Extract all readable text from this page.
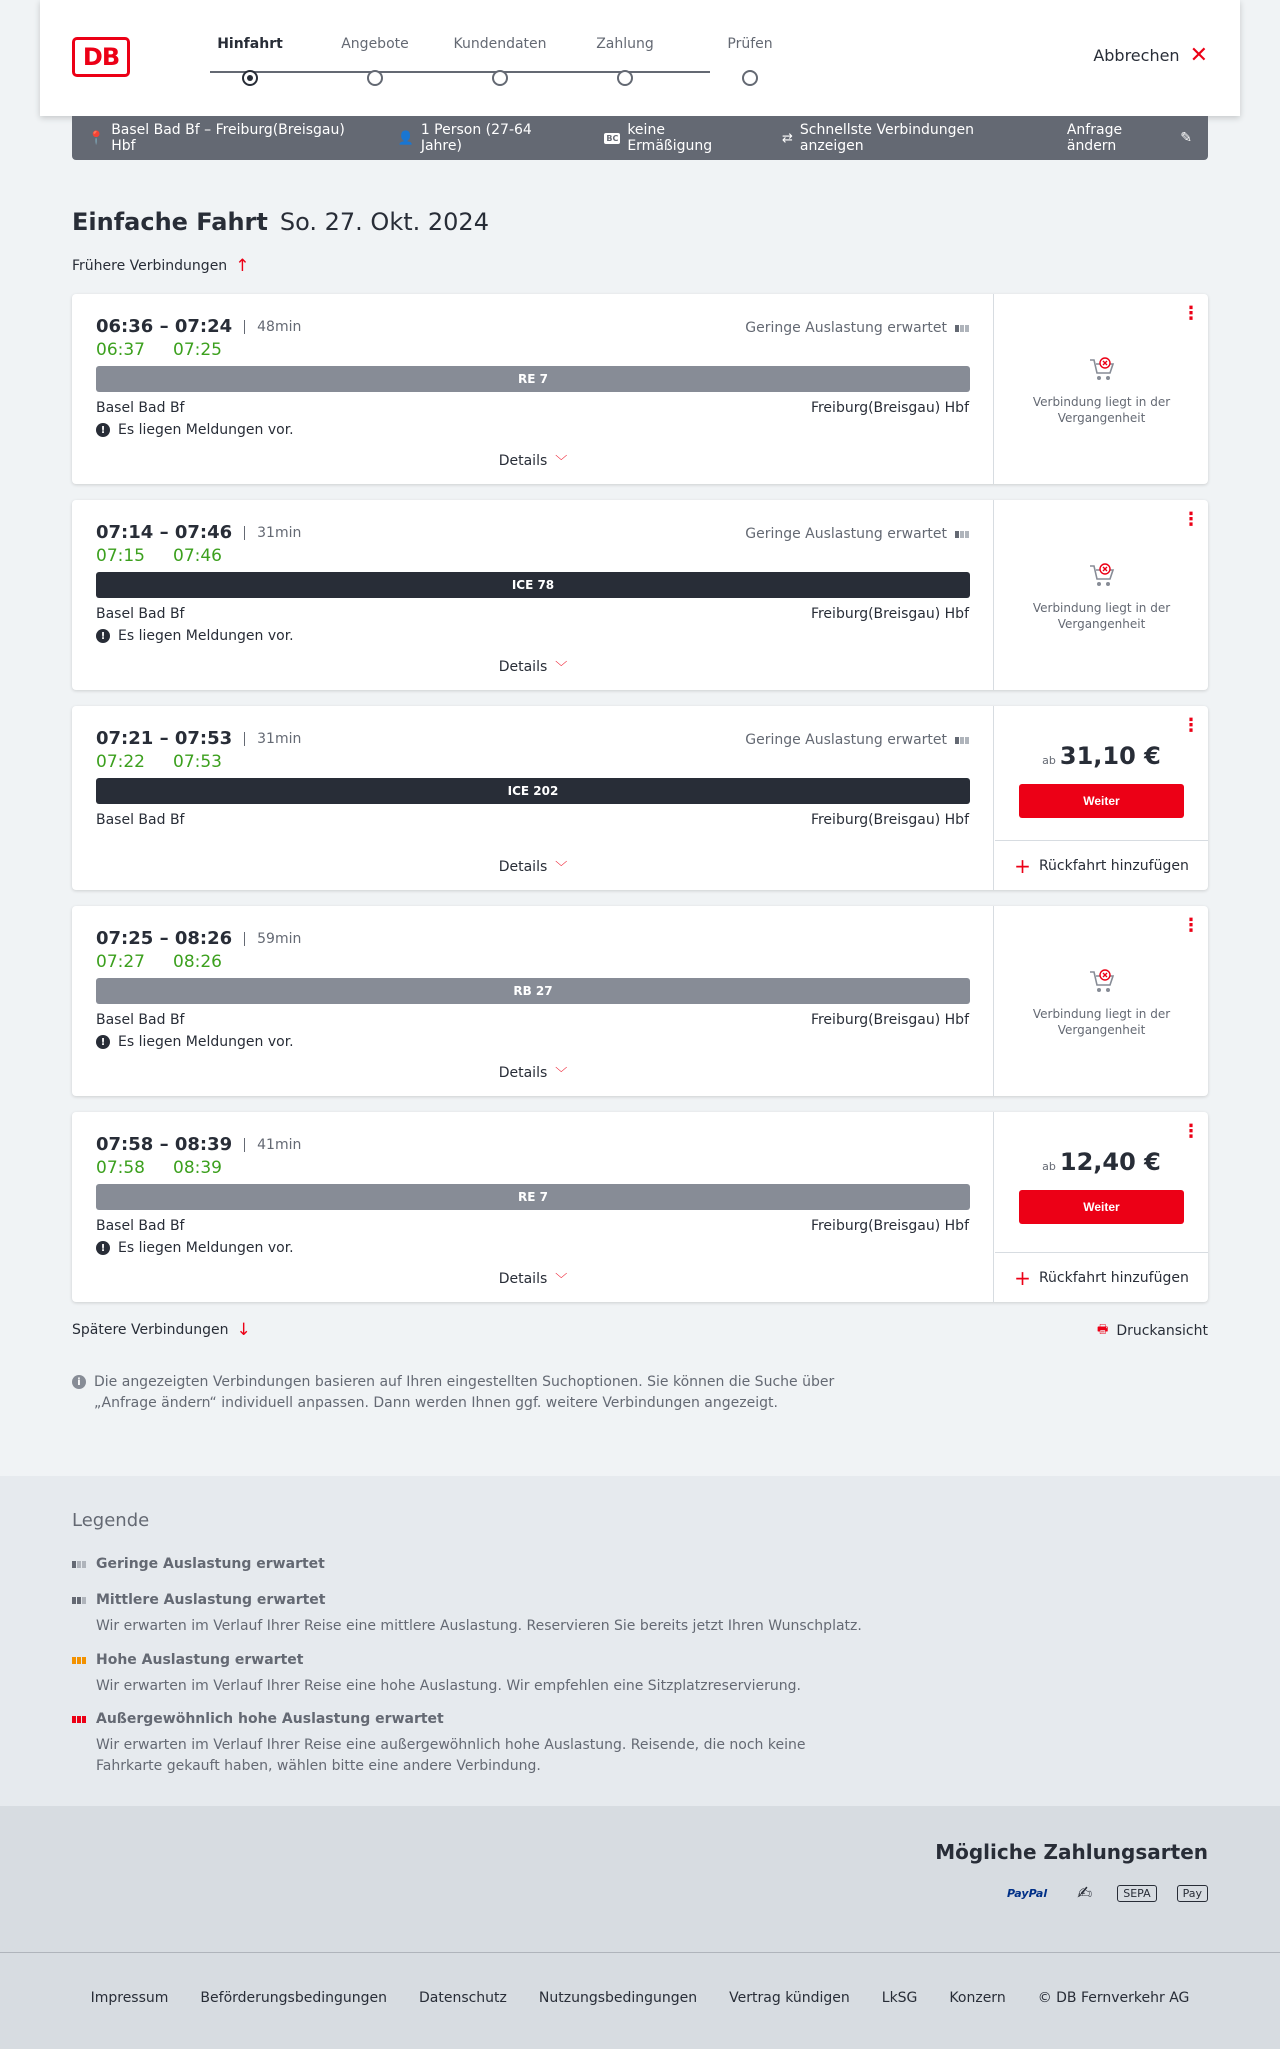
DB	Hinfahrt	Angebote	Kundendaten	Zahlung	Prüfen
Abbrechen ✕
📍 Basel Bad Bf – Freiburg(Breisgau) Hbf	👤 1 Person (27-64 Jahre)	BC keine Ermäßigung	⇄ Schnellste Verbindungen anzeigen
Anfrage ändern	✎
Einfache Fahrt So. 27. Okt. 2024
Frühere Verbindungen ↑
06:36 – 07:24	48min
06:37 07:25
Geringe Auslastung erwartet
RE 7
Basel Bad Bf	Freiburg(Breisgau) Hbf
! Es liegen Meldungen vor.
Details ﹀
⋮
Verbindung liegt in der Vergangenheit
07:14 – 07:46	31min
07:15 07:46
Geringe Auslastung erwartet
ICE 78
Basel Bad Bf	Freiburg(Breisgau) Hbf
! Es liegen Meldungen vor.
Details ﹀
⋮
Verbindung liegt in der Vergangenheit
07:21 – 07:53	31min
07:22 07:53
Geringe Auslastung erwartet
ICE 202
Basel Bad Bf	Freiburg(Breisgau) Hbf
Details ﹀
⋮
ab 31,10 €
Weiter
+ Rückfahrt hinzufügen
07:25 – 08:26	59min
07:27 08:26
RB 27
Basel Bad Bf	Freiburg(Breisgau) Hbf
! Es liegen Meldungen vor.
Details ﹀
⋮
Verbindung liegt in der Vergangenheit
07:58 – 08:39	41min
07:58 08:39
RE 7
Basel Bad Bf	Freiburg(Breisgau) Hbf
! Es liegen Meldungen vor.
Details ﹀
⋮
ab 12,40 €
Weiter
+ Rückfahrt hinzufügen
Spätere Verbindungen ↓	🖶 Druckansicht
i Die angezeigten Verbindungen basieren auf Ihren eingestellten Suchoptionen. Sie können die Suche über „Anfrage ändern“ individuell anpassen. Dann werden Ihnen ggf. weitere Verbindungen angezeigt.
Legende
Geringe Auslastung erwartet
Mittlere Auslastung erwartet
Wir erwarten im Verlauf Ihrer Reise eine mittlere Auslastung. Reservieren Sie bereits jetzt Ihren Wunschplatz.
Hohe Auslastung erwartet
Wir erwarten im Verlauf Ihrer Reise eine hohe Auslastung. Wir empfehlen eine Sitzplatzreservierung.
Außergewöhnlich hohe Auslastung erwartet
Wir erwarten im Verlauf Ihrer Reise eine außergewöhnlich hohe Auslastung. Reisende, die noch keine Fahrkarte gekauft haben, wählen bitte eine andere Verbindung.
Mögliche Zahlungsarten
PayPal ✍	SEPA	Pay
Impressum Beförderungsbedingungen Datenschutz Nutzungsbedingungen Vertrag kündigen LkSG Konzern © DB Fernverkehr AG
